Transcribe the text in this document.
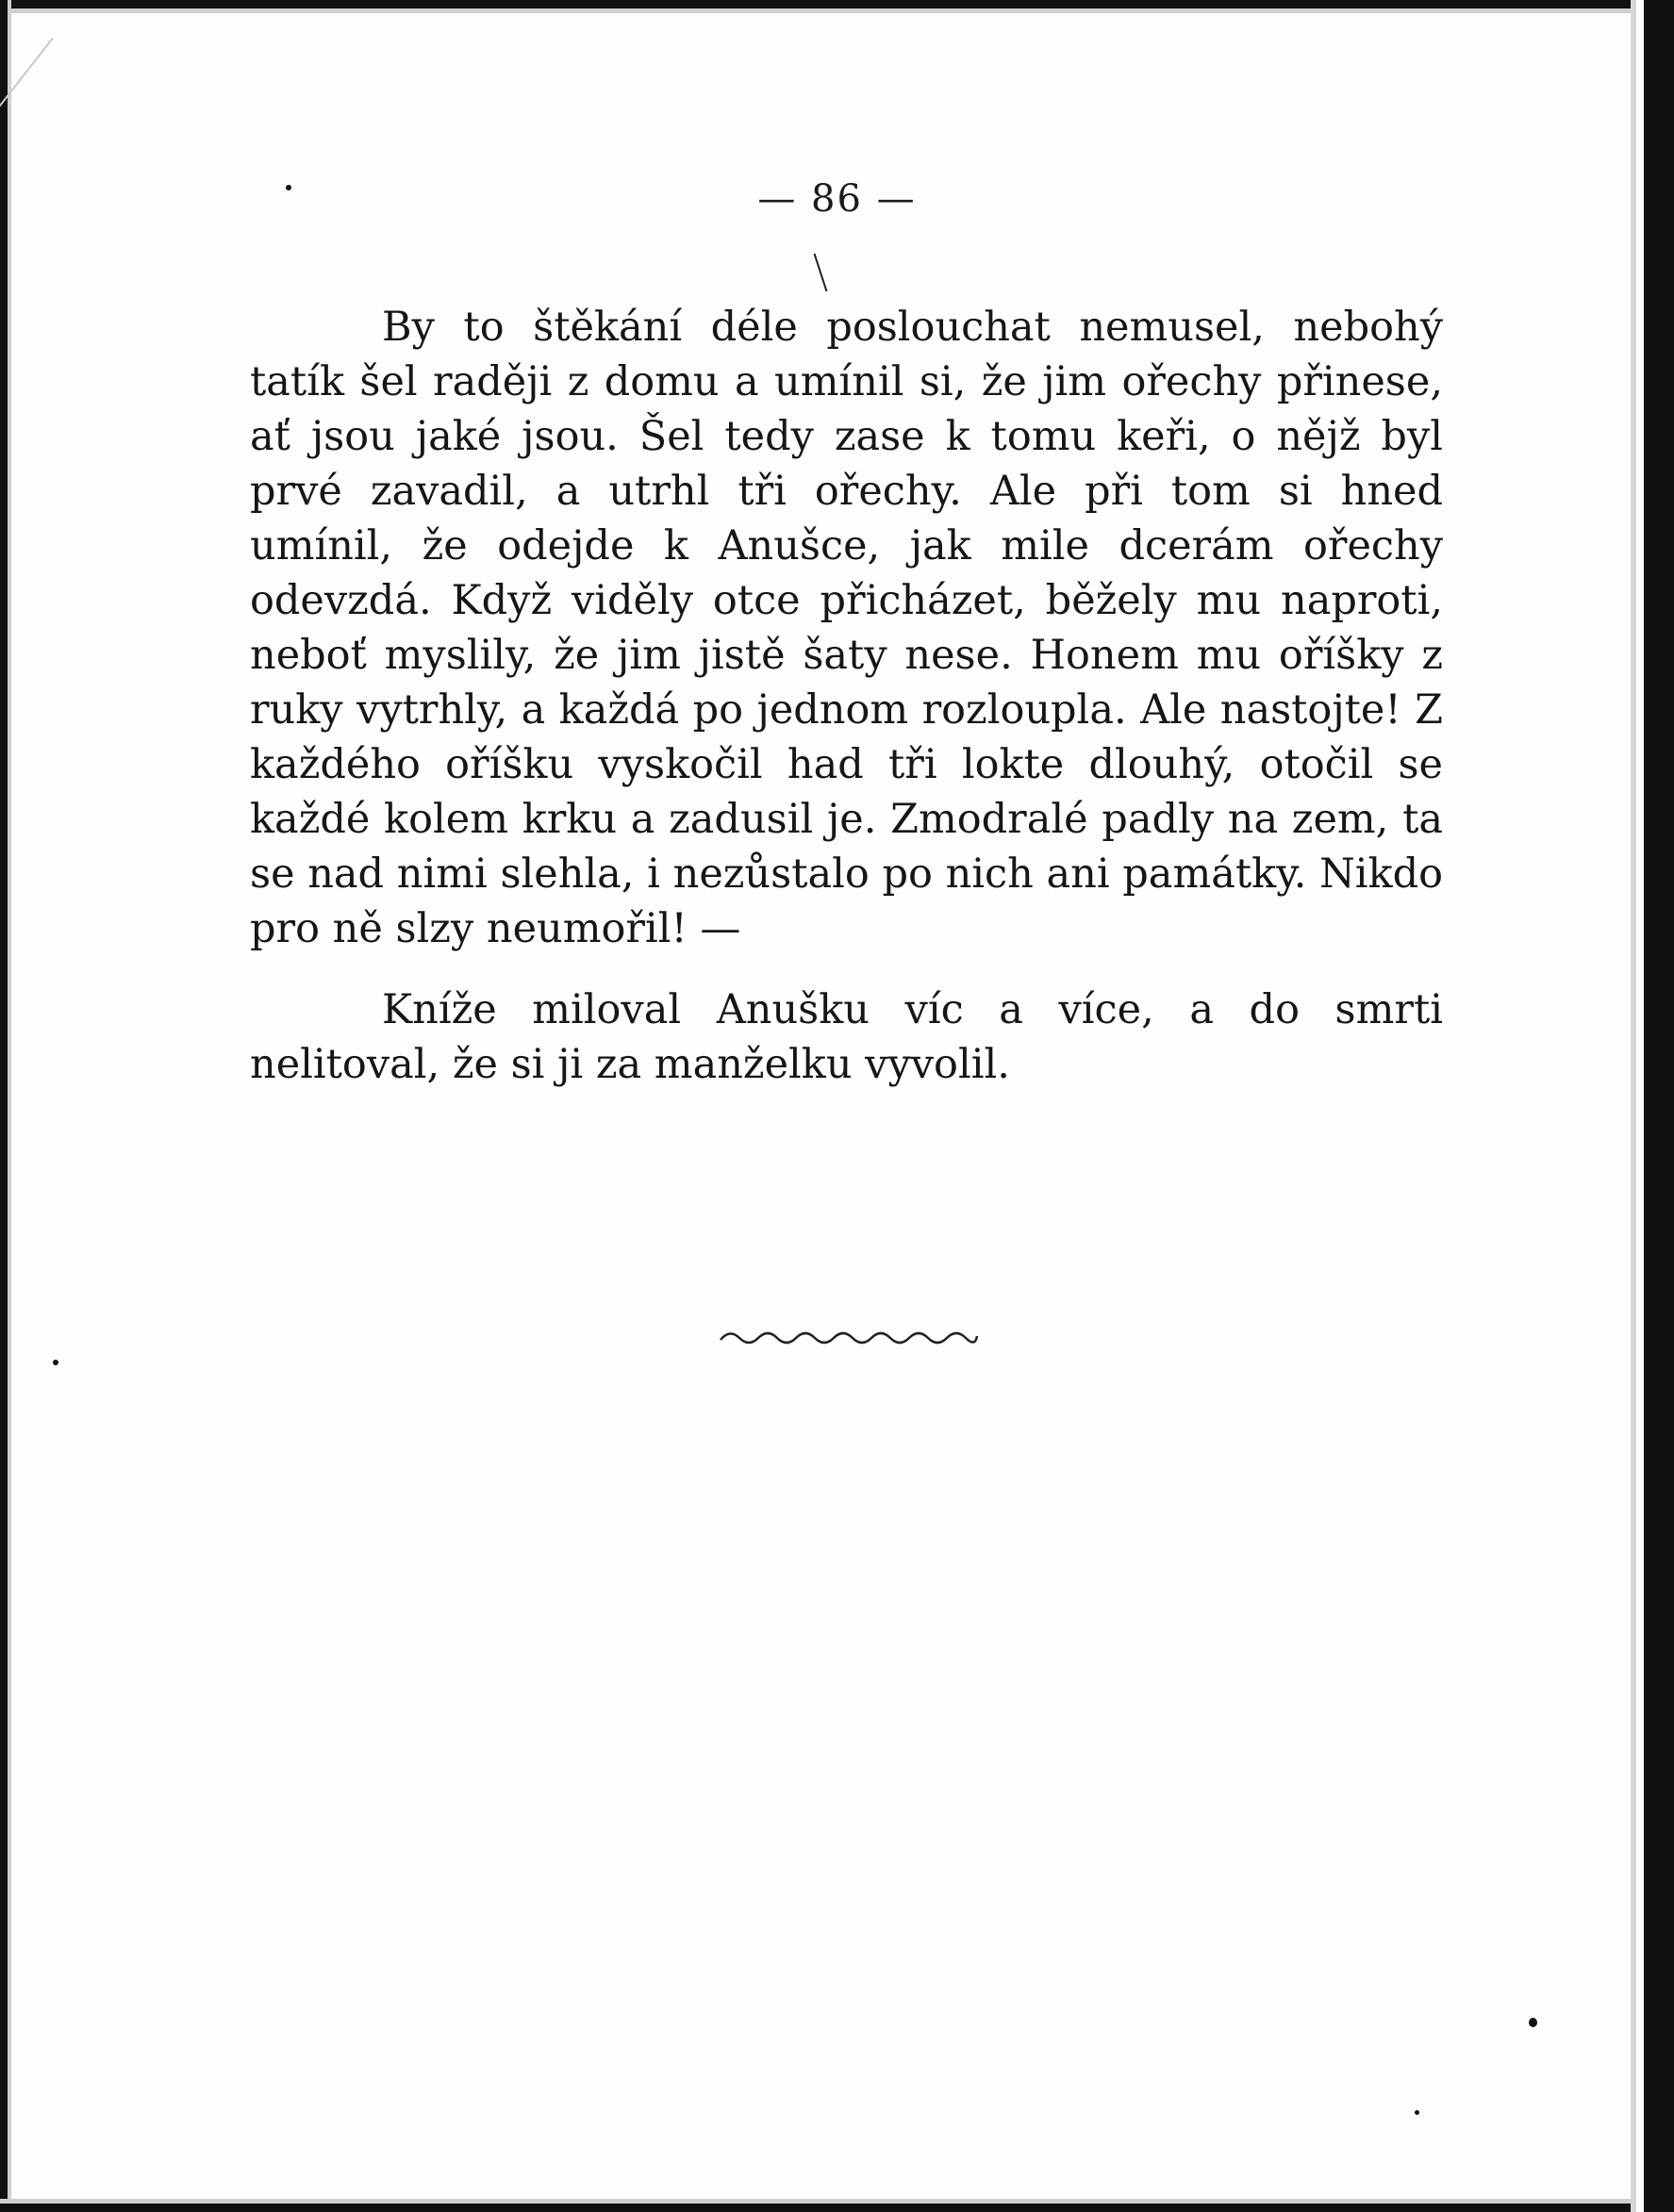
— 86 —

By to štěkání déle poslouchat nemusel, nebohý tatík šel raději z domu a umínil si, že jim ořechy přinese, ať jsou jaké jsou. Šel tedy zase k tomu keři, o nějž byl prvé zavadil, a utrhl tři ořechy. Ale při tom si hned umínil, že odejde k Anušce, jak mile dcerám ořechy odevzdá. Když viděly otce přicházet, běžely mu naproti, neboť myslily, že jim jistě šaty nese. Honem mu oříšky z ruky vytrhly, a každá po jednom rozloupla. Ale nastojte! Z každého oříšku vyskočil had tři lokte dlouhý, otočil se každé kolem krku a zadusil je. Zmodralé padly na zem, ta se nad nimi slehla, i nezůstalo po nich ani památky. Nikdo pro ně slzy neumořil! —

Kníže miloval Anušku víc a více, a do smrti nelitoval, že si ji za manželku vyvolil.
